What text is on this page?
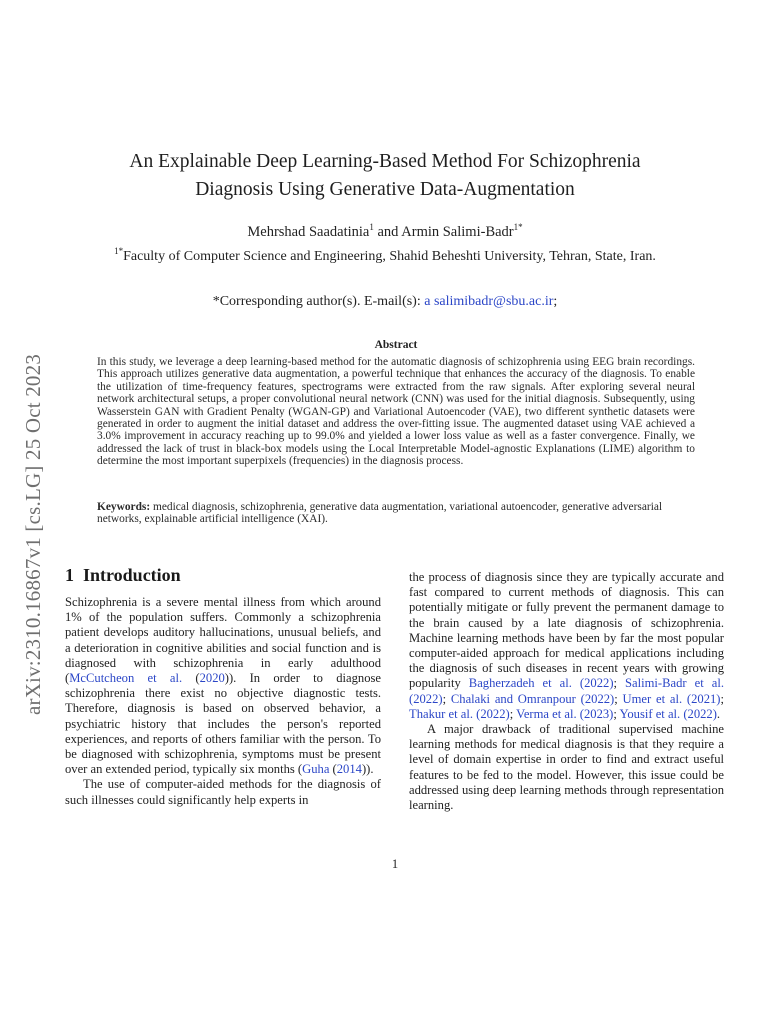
arXiv:2310.16867v1 [cs.LG] 25 Oct 2023
An Explainable Deep Learning-Based Method For Schizophrenia
Diagnosis Using Generative Data-Augmentation
Mehrshad Saadatinia$^1$ and Armin Salimi-Badr$^{1*}$
$^{1*}$Faculty of Computer Science and Engineering, Shahid Beheshti University, Tehran, State, Iran.
*Corresponding author(s). E-mail(s): a salimibadr@sbu.ac.ir;
Abstract
In this study, we leverage a deep learning-based method for the automatic diagnosis of schizophrenia using EEG brain recordings. This approach utilizes generative data augmentation, a powerful technique that enhances the accuracy of the diagnosis. To enable the utilization of time-frequency features, spectrograms were extracted from the raw signals. After exploring several neural network architectural setups, a proper convolutional neural network (CNN) was used for the initial diagnosis. Subsequently, using Wasserstein GAN with Gradient Penalty (WGAN-GP) and Variational Autoencoder (VAE), two different synthetic datasets were generated in order to augment the initial dataset and address the over-fitting issue. The augmented dataset using VAE achieved a 3.0% improvement in accuracy reaching up to 99.0% and yielded a lower loss value as well as a faster convergence. Finally, we addressed the lack of trust in black-box models using the Local Interpretable Model-agnostic Explanations (LIME) algorithm to determine the most important superpixels (frequencies) in the diagnosis process.
Keywords: medical diagnosis, schizophrenia, generative data augmentation, variational autoencoder, generative adversarial networks, explainable artificial intelligence (XAI).
1 Introduction

Schizophrenia is a severe mental illness from which around 1% of the population suffers. Commonly a schizophrenia patient develops auditory hallucinations, unusual beliefs, and a deterioration in cognitive abilities and social function and is diagnosed with schizophrenia in early adulthood (McCutcheon et al. (2020)). In order to diagnose schizophrenia there exist no objective diagnostic tests. Therefore, diagnosis is based on observed behavior, a psychiatric history that includes the person's reported experiences, and reports of others familiar with the person. To be diagnosed with schizophrenia, symptoms must be present over an extended period, typically six months (Guha (2014)).

The use of computer-aided methods for the diagnosis of such illnesses could significantly help experts in

the process of diagnosis since they are typically accurate and fast compared to current methods of diagnosis. This can potentially mitigate or fully prevent the permanent damage to the brain caused by a late diagnosis of schizophrenia. Machine learning methods have been by far the most popular computer-aided approach for medical applications including the diagnosis of such diseases in recent years with growing popularity Bagherzadeh et al. (2022); Salimi-Badr et al. (2022); Chalaki and Omranpour (2022); Umer et al. (2021); Thakur et al. (2022); Verma et al. (2023); Yousif et al. (2022).

A major drawback of traditional supervised machine learning methods for medical diagnosis is that they require a level of domain expertise in order to find and extract useful features to be fed to the model. However, this issue could be addressed using deep learning methods through representation learning.

1
